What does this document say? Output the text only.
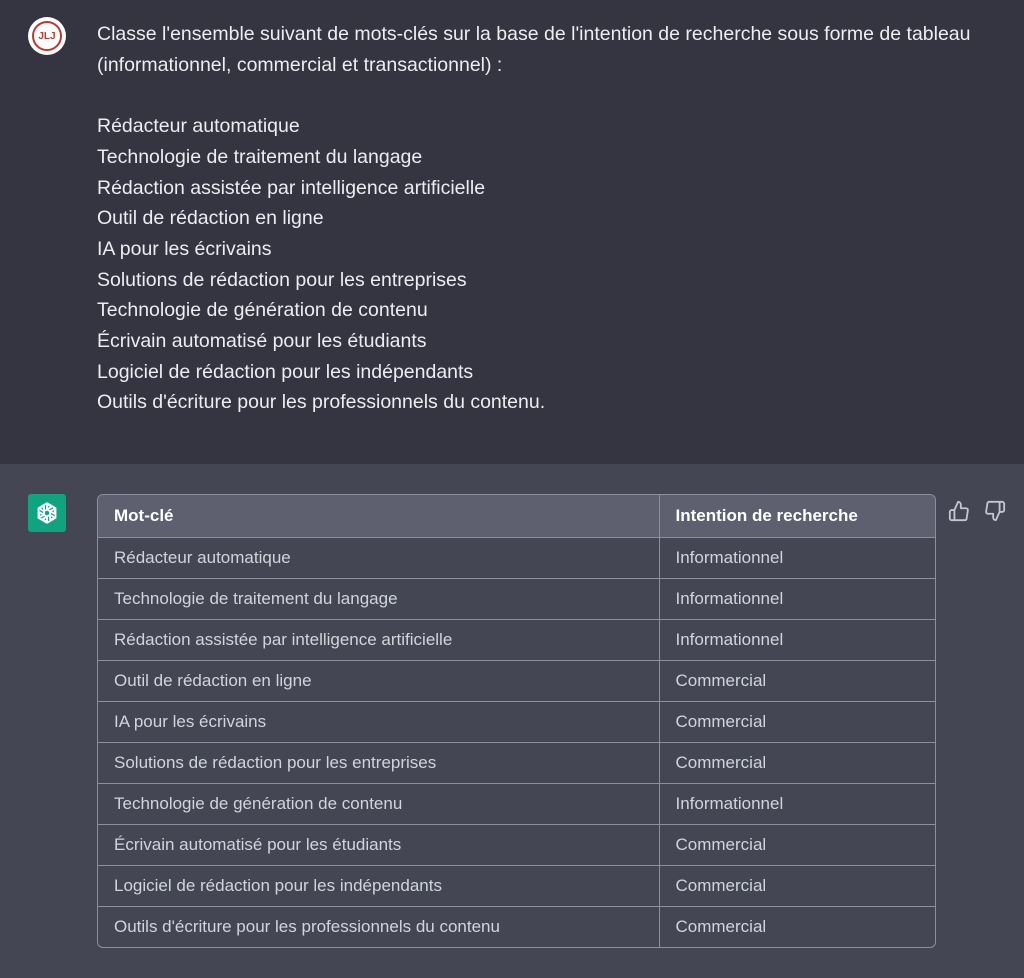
JLJ	Classe l'ensemble suivant de mots-clés sur la base de l'intention de recherche sous forme de tableau (informationnel, commercial et transactionnel) :

Rédacteur automatique

Technologie de traitement du langage

Rédaction assistée par intelligence artificielle

Outil de rédaction en ligne

IA pour les écrivains

Solutions de rédaction pour les entreprises

Technologie de génération de contenu

Écrivain automatisé pour les étudiants

Logiciel de rédaction pour les indépendants

Outils d'écriture pour les professionnels du contenu.

Mot-clé	Intention de recherche
Rédacteur automatique	Informationnel
Technologie de traitement du langage	Informationnel
Rédaction assistée par intelligence artificielle	Informationnel
Outil de rédaction en ligne	Commercial
IA pour les écrivains	Commercial
Solutions de rédaction pour les entreprises	Commercial
Technologie de génération de contenu	Informationnel
Écrivain automatisé pour les étudiants	Commercial
Logiciel de rédaction pour les indépendants	Commercial
Outils d'écriture pour les professionnels du contenu	Commercial
